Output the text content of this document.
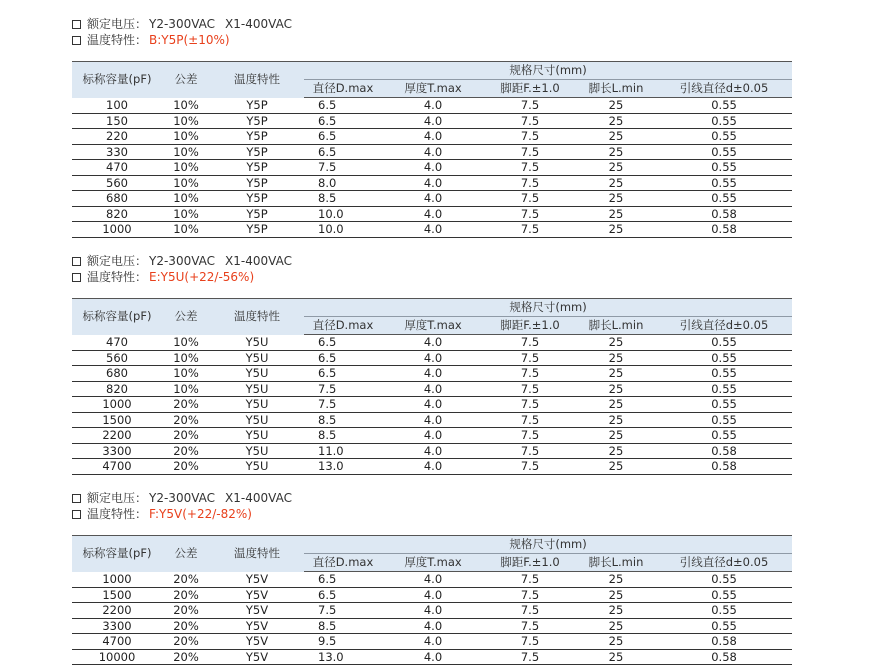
额定电压： Y2-300VAC X1-400VAC
温度特性： B:Y5P(±10%)
标称容量(pF)	公差	温度特性	规格尺寸(mm)				
			直径D.max	厚度T.max	脚距F.±1.0	脚长L.min	引线直径d±0.05
100	10%	Y5P	6.5	4.0	7.5	25	0.55
150	10%	Y5P	6.5	4.0	7.5	25	0.55
220	10%	Y5P	6.5	4.0	7.5	25	0.55
330	10%	Y5P	6.5	4.0	7.5	25	0.55
470	10%	Y5P	7.5	4.0	7.5	25	0.55
560	10%	Y5P	8.0	4.0	7.5	25	0.55
680	10%	Y5P	8.5	4.0	7.5	25	0.55
820	10%	Y5P	10.0	4.0	7.5	25	0.58
1000	10%	Y5P	10.0	4.0	7.5	25	0.58
额定电压： Y2-300VAC X1-400VAC
温度特性： E:Y5U(+22/-56%)
标称容量(pF)	公差	温度特性	规格尺寸(mm)				
			直径D.max	厚度T.max	脚距F.±1.0	脚长L.min	引线直径d±0.05
470	10%	Y5U	6.5	4.0	7.5	25	0.55
560	10%	Y5U	6.5	4.0	7.5	25	0.55
680	10%	Y5U	6.5	4.0	7.5	25	0.55
820	10%	Y5U	7.5	4.0	7.5	25	0.55
1000	20%	Y5U	7.5	4.0	7.5	25	0.55
1500	20%	Y5U	8.5	4.0	7.5	25	0.55
2200	20%	Y5U	8.5	4.0	7.5	25	0.55
3300	20%	Y5U	11.0	4.0	7.5	25	0.58
4700	20%	Y5U	13.0	4.0	7.5	25	0.58
额定电压： Y2-300VAC X1-400VAC
温度特性： F:Y5V(+22/-82%)
标称容量(pF)	公差	温度特性	规格尺寸(mm)				
			直径D.max	厚度T.max	脚距F.±1.0	脚长L.min	引线直径d±0.05
1000	20%	Y5V	6.5	4.0	7.5	25	0.55
1500	20%	Y5V	6.5	4.0	7.5	25	0.55
2200	20%	Y5V	7.5	4.0	7.5	25	0.55
3300	20%	Y5V	8.5	4.0	7.5	25	0.55
4700	20%	Y5V	9.5	4.0	7.5	25	0.58
10000	20%	Y5V	13.0	4.0	7.5	25	0.58
